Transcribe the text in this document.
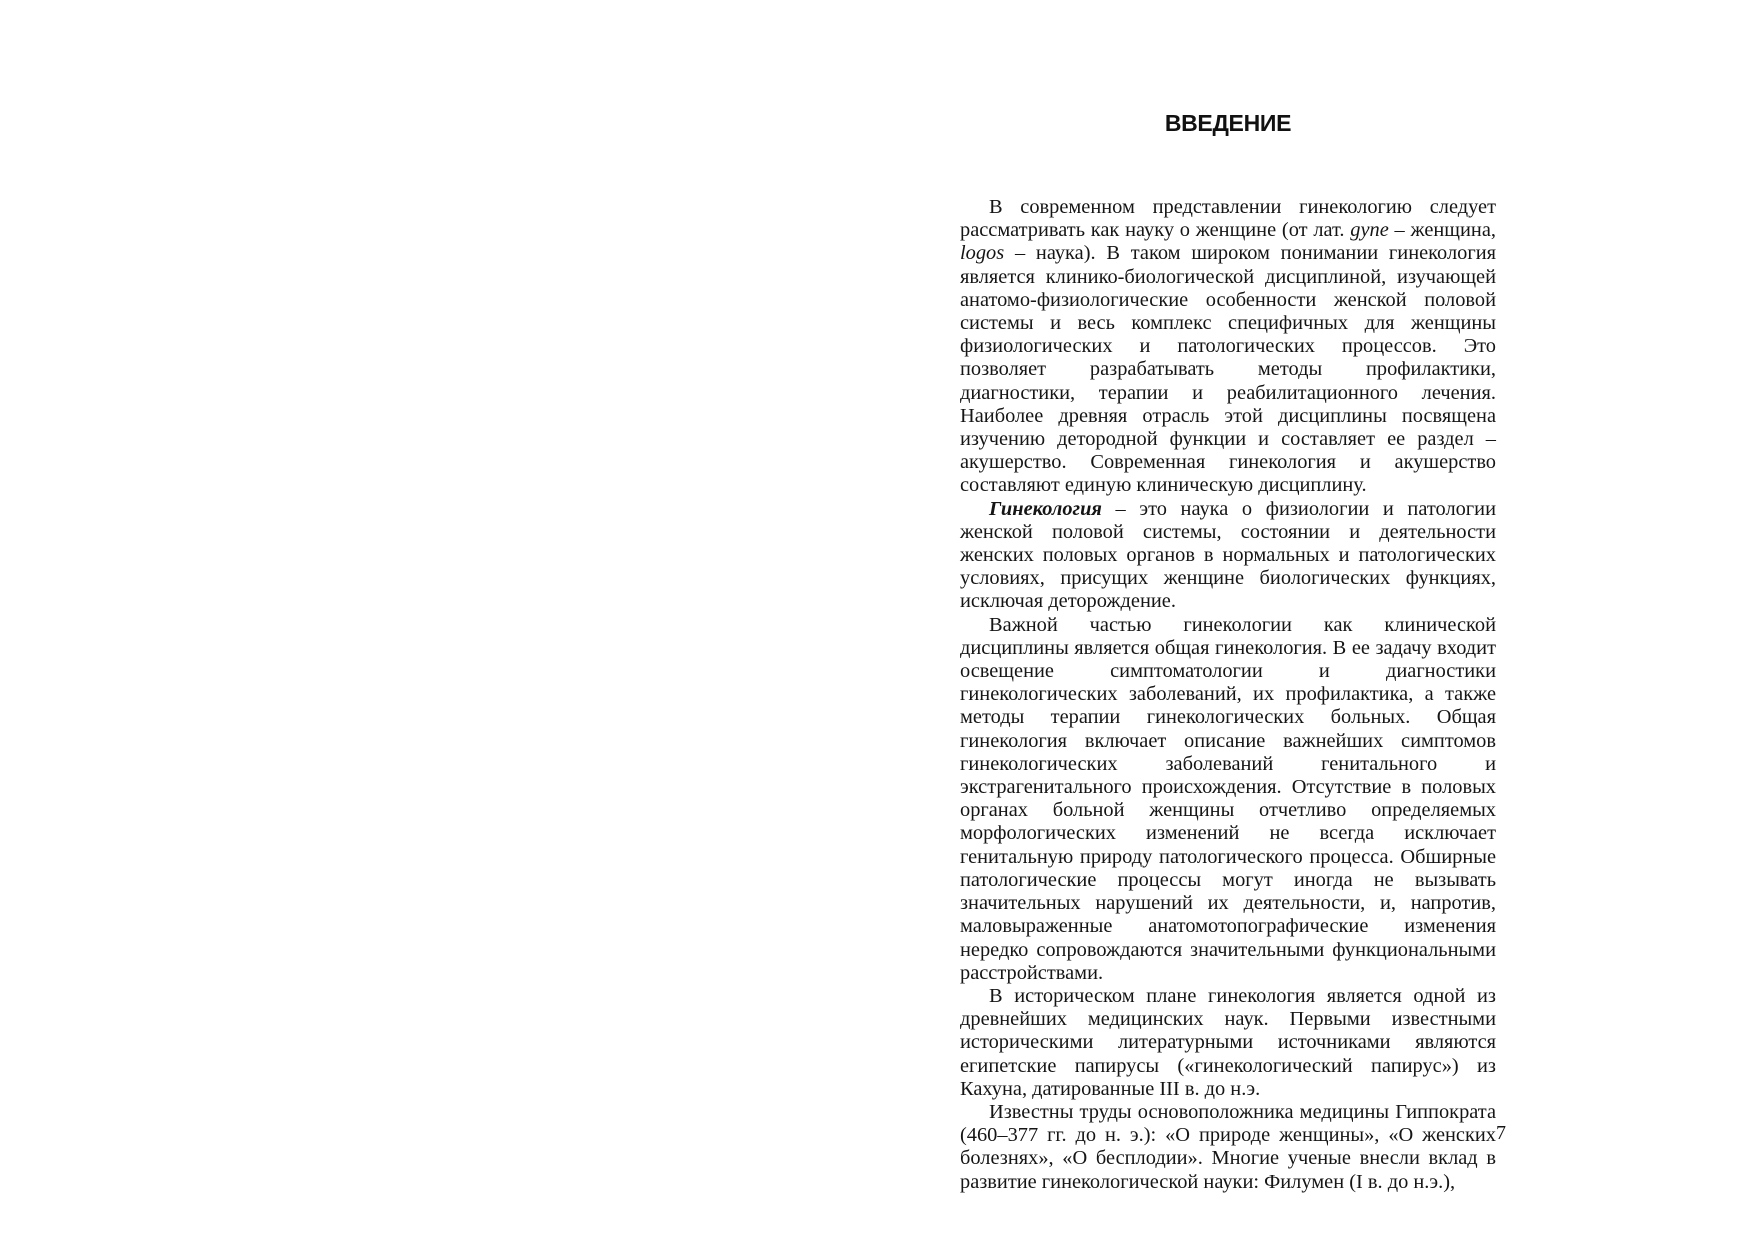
ВВЕДЕНИЕ

В современном представлении гинекологию следует рассматривать как науку о женщине (от лат. gyne – женщина, logos – наука). В таком широком понимании гинекология является клинико-биологической дисциплиной, изучающей анатомо-физиологические особенности женской половой системы и весь комплекс специфичных для женщины физиологических и патологических процессов. Это позволяет разрабатывать методы профилактики, диагностики, терапии и реабилитационного лечения. Наиболее древняя отрасль этой дисциплины посвящена изучению детородной функции и составляет ее раздел – акушерство. Современная гинекология и акушерство составляют единую клиническую дисциплину.

Гинекология – это наука о физиологии и патологии женской половой системы, состоянии и деятельности женских половых органов в нормальных и патологических условиях, присущих женщине биологических функциях, исключая деторождение.

Важной частью гинекологии как клинической дисциплины является общая гинекология. В ее задачу входит освещение симптоматологии и диагностики гинекологических заболеваний, их профилактика, а также методы терапии гинекологических больных. Общая гинекология включает описание важнейших симптомов гинекологических заболеваний генитального и экстрагенитального происхождения. Отсутствие в половых органах больной женщины отчетливо определяемых морфологических изменений не всегда исключает генитальную природу патологического процесса. Обширные патологические процессы могут иногда не вызывать значительных нарушений их деятельности, и, напротив, маловыраженные анатомотопографические изменения нередко сопровождаются значительными функциональными расстройствами.

В историческом плане гинекология является одной из древнейших медицинских наук. Первыми известными историческими литературными источниками являются египетские папирусы («гинекологический папирус») из Кахуна, датированные III в. до н.э.

Известны труды основоположника медицины Гиппократа (460–377 гг. до н. э.): «О природе женщины», «О женских болезнях», «О бесплодии». Многие ученые внесли вклад в развитие гинекологической науки: Филумен (I в. до н.э.),

7
